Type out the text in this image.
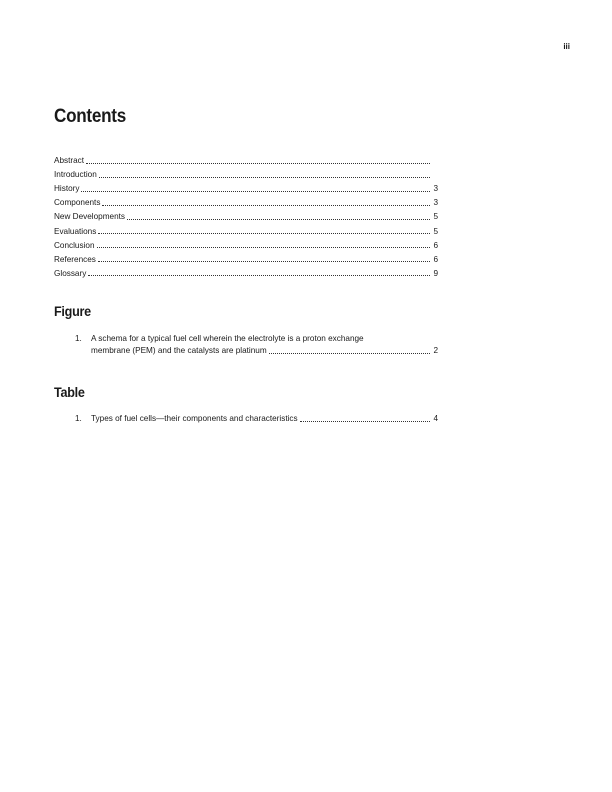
iii
Contents
Abstract
Introduction
History	3
Components	3
New Developments	5
Evaluations	5
Conclusion	6
References	6
Glossary	9
Figure
1. A schema for a typical fuel cell wherein the electrolyte is a proton exchange
membrane (PEM) and the catalysts are platinum	2
Table
1. Types of fuel cells—their components and characteristics	4
